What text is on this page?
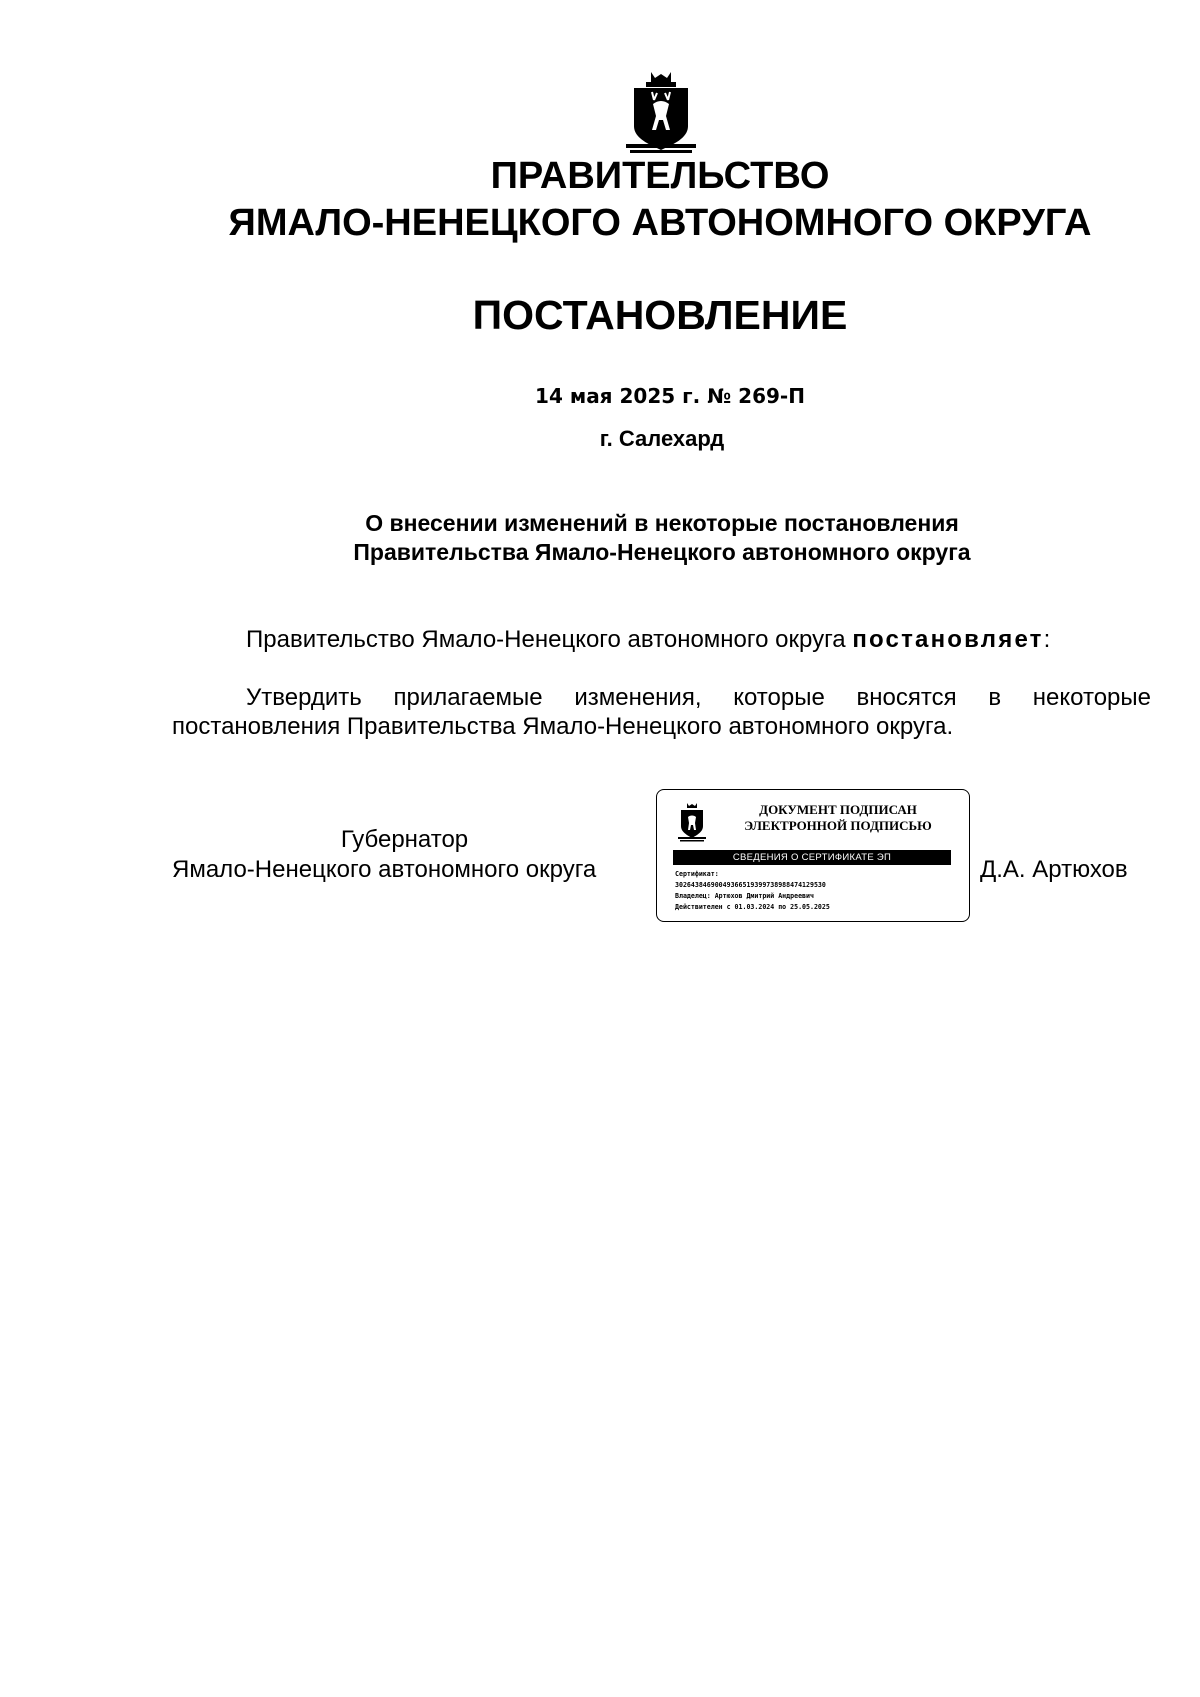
ПРАВИТЕЛЬСТВО
ЯМАЛО-НЕНЕЦКОГО АВТОНОМНОГО ОКРУГА
ПОСТАНОВЛЕНИЕ
14 мая 2025 г. № 269-П
г. Салехард
О внесении изменений в некоторые постановления
Правительства Ямало-Ненецкого автономного округа
Правительство Ямало-Ненецкого автономного округа постановляет:
Утвердить прилагаемые изменения, которые вносятся в некоторые
постановления Правительства Ямало-Ненецкого автономного округа.
Губернатор
Ямало-Ненецкого автономного округа	Д.А. Артюхов
ДОКУМЕНТ ПОДПИСАН
ЭЛЕКТРОННОЙ ПОДПИСЬЮ
СВЕДЕНИЯ О СЕРТИФИКАТЕ ЭП
Сертификат:
302643846900493665193997389884741295З0
Владелец: Артюхов Дмитрий Андреевич
Действителен с 01.03.2024 по 25.05.2025
